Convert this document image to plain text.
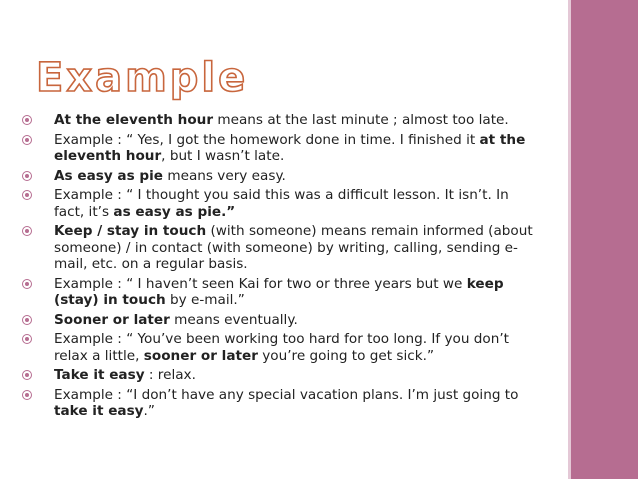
Example
At the eleventh hour means at the last minute ; almost too late.
Example : “ Yes, I got the homework done in time. I finished it at the eleventh hour, but I wasn’t late.
As easy as pie means very easy.
Example : “ I thought you said this was a difficult lesson. It isn’t. In fact, it’s as easy as pie.”
Keep / stay in touch (with someone) means remain informed (about someone) / in contact (with someone) by writing, calling, sending e-mail, etc. on a regular basis.
Example : “ I haven’t seen Kai for two or three years but we keep (stay) in touch by e-mail.”
Sooner or later means eventually.
Example : “ You’ve been working too hard for too long. If you don’t relax a little, sooner or later you’re going to get sick.”
Take it easy : relax.
Example : “I don’t have any special vacation plans. I’m just going to take it easy.”
